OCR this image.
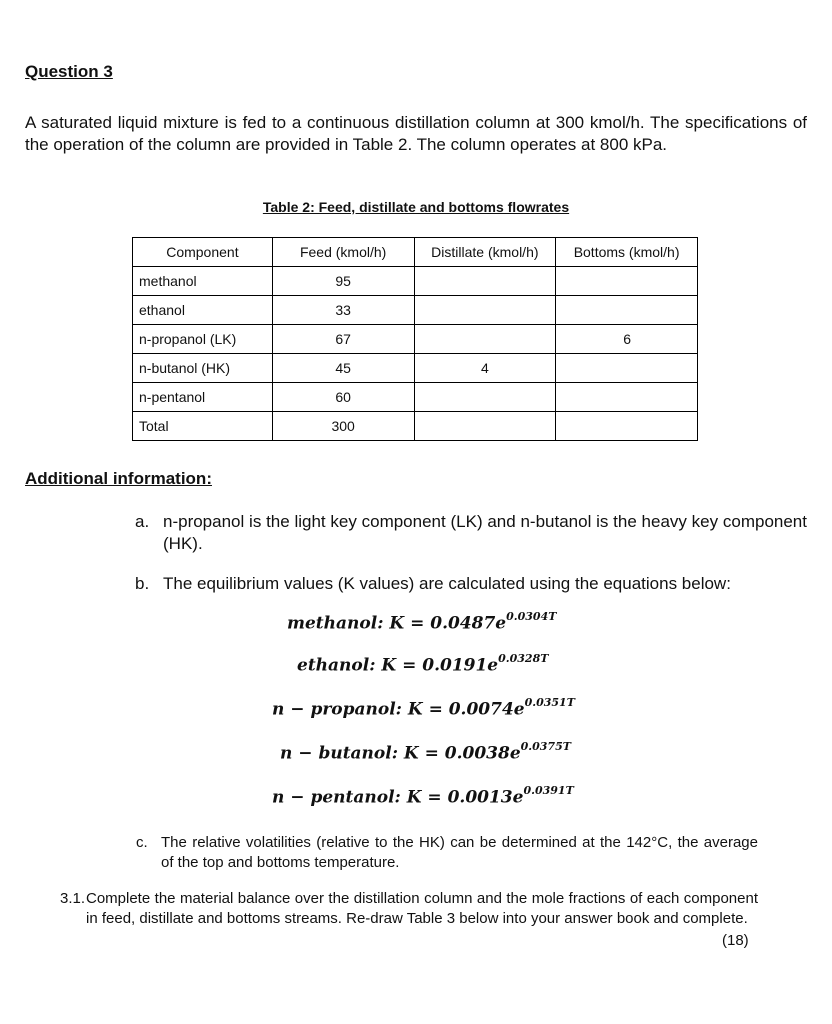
Question 3
A saturated liquid mixture is fed to a continuous distillation column at 300 kmol/h. The specifications of the operation of the column are provided in Table 2. The column operates at 800 kPa.
Table 2: Feed, distillate and bottoms flowrates
Component	Feed (kmol/h)	Distillate (kmol/h)	Bottoms (kmol/h)
methanol	95		
ethanol	33		
n-propanol (LK)	67		6
n-butanol (HK)	45	4	
n-pentanol	60		
Total	300		
Additional information:
a. n-propanol is the light key component (LK) and n-butanol is the heavy key component (HK).
b. The equilibrium values (K values) are calculated using the equations below:
methanol: $K = 0.0487e^{0.0304T}$
ethanol: $K = 0.0191e^{0.0328T}$
n − propanol: $K = 0.0074e^{0.0351T}$
n − butanol: $K = 0.0038e^{0.0375T}$
n − pentanol: $K = 0.0013e^{0.0391T}$
c. The relative volatilities (relative to the HK) can be determined at the 142°C, the average of the top and bottoms temperature.
3.1. Complete the material balance over the distillation column and the mole fractions of each component in feed, distillate and bottoms streams. Re-draw Table 3 below into your answer book and complete.
(18)
